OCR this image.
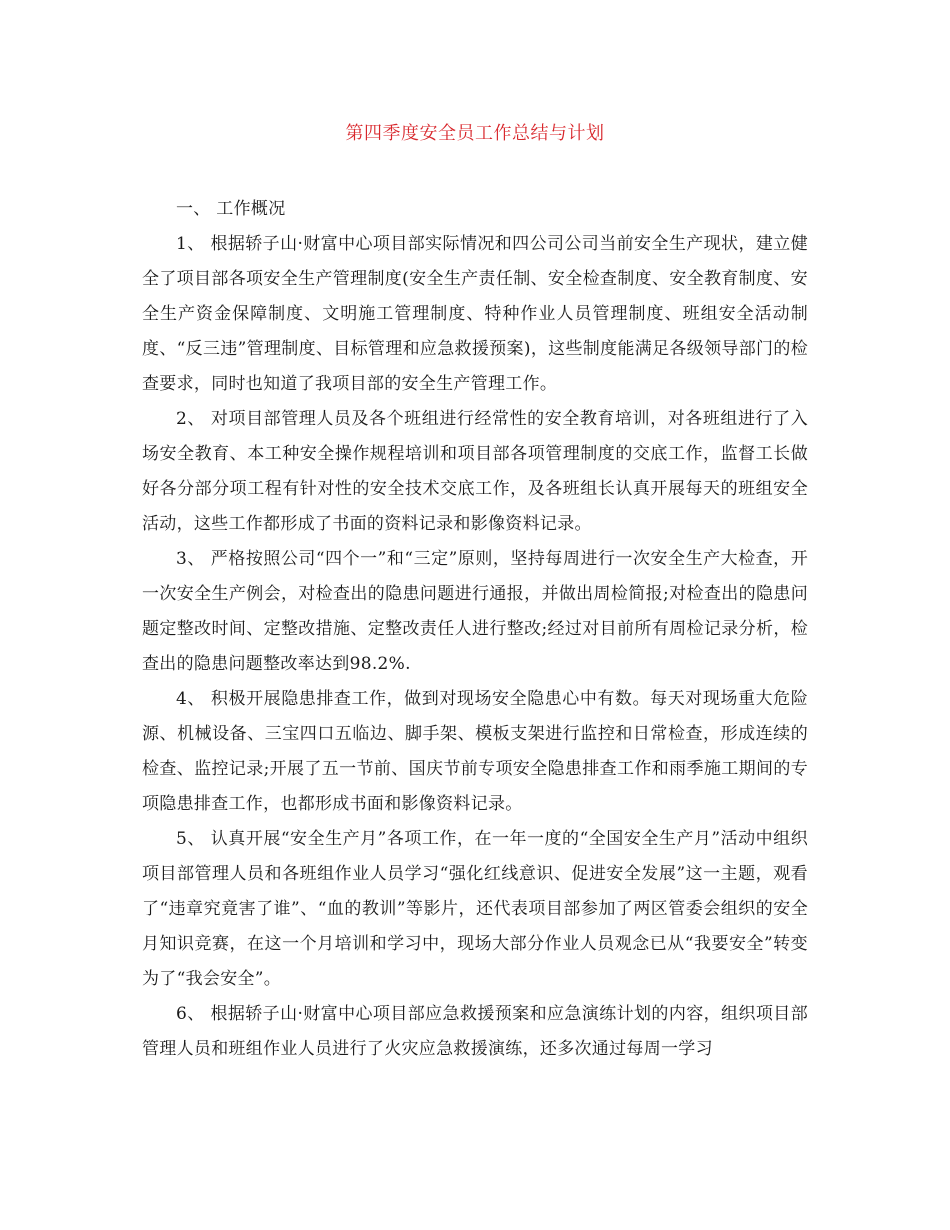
第四季度安全员工作总结与计划

一、 工作概况

1、 根据轿子山·财富中心项目部实际情况和四公司公司当前安全生产现状，建立健全了项目部各项安全生产管理制度(安全生产责任制、安全检查制度、安全教育制度、安全生产资金保障制度、文明施工管理制度、特种作业人员管理制度、班组安全活动制度、“反三违”管理制度、目标管理和应急救援预案)，这些制度能满足各级领导部门的检查要求，同时也知道了我项目部的安全生产管理工作。

2、 对项目部管理人员及各个班组进行经常性的安全教育培训，对各班组进行了入场安全教育、本工种安全操作规程培训和项目部各项管理制度的交底工作，监督工长做好各分部分项工程有针对性的安全技术交底工作，及各班组长认真开展每天的班组安全活动，这些工作都形成了书面的资料记录和影像资料记录。

3、 严格按照公司“四个一”和“三定”原则，坚持每周进行一次安全生产大检查，开一次安全生产例会，对检查出的隐患问题进行通报，并做出周检简报;对检查出的隐患问题定整改时间、定整改措施、定整改责任人进行整改;经过对目前所有周检记录分析，检查出的隐患问题整改率达到98.2%.

4、 积极开展隐患排查工作，做到对现场安全隐患心中有数。每天对现场重大危险源、机械设备、三宝四口五临边、脚手架、模板支架进行监控和日常检查，形成连续的检查、监控记录;开展了五一节前、国庆节前专项安全隐患排查工作和雨季施工期间的专项隐患排查工作，也都形成书面和影像资料记录。

5、 认真开展“安全生产月”各项工作，在一年一度的“全国安全生产月”活动中组织项目部管理人员和各班组作业人员学习“强化红线意识、促进安全发展”这一主题，观看了“违章究竟害了谁”、“血的教训”等影片，还代表项目部参加了两区管委会组织的安全月知识竞赛，在这一个月培训和学习中，现场大部分作业人员观念已从“我要安全”转变为了“我会安全”。

6、 根据轿子山·财富中心项目部应急救援预案和应急演练计划的内容，组织项目部管理人员和班组作业人员进行了火灾应急救援演练，还多次通过每周一学习
